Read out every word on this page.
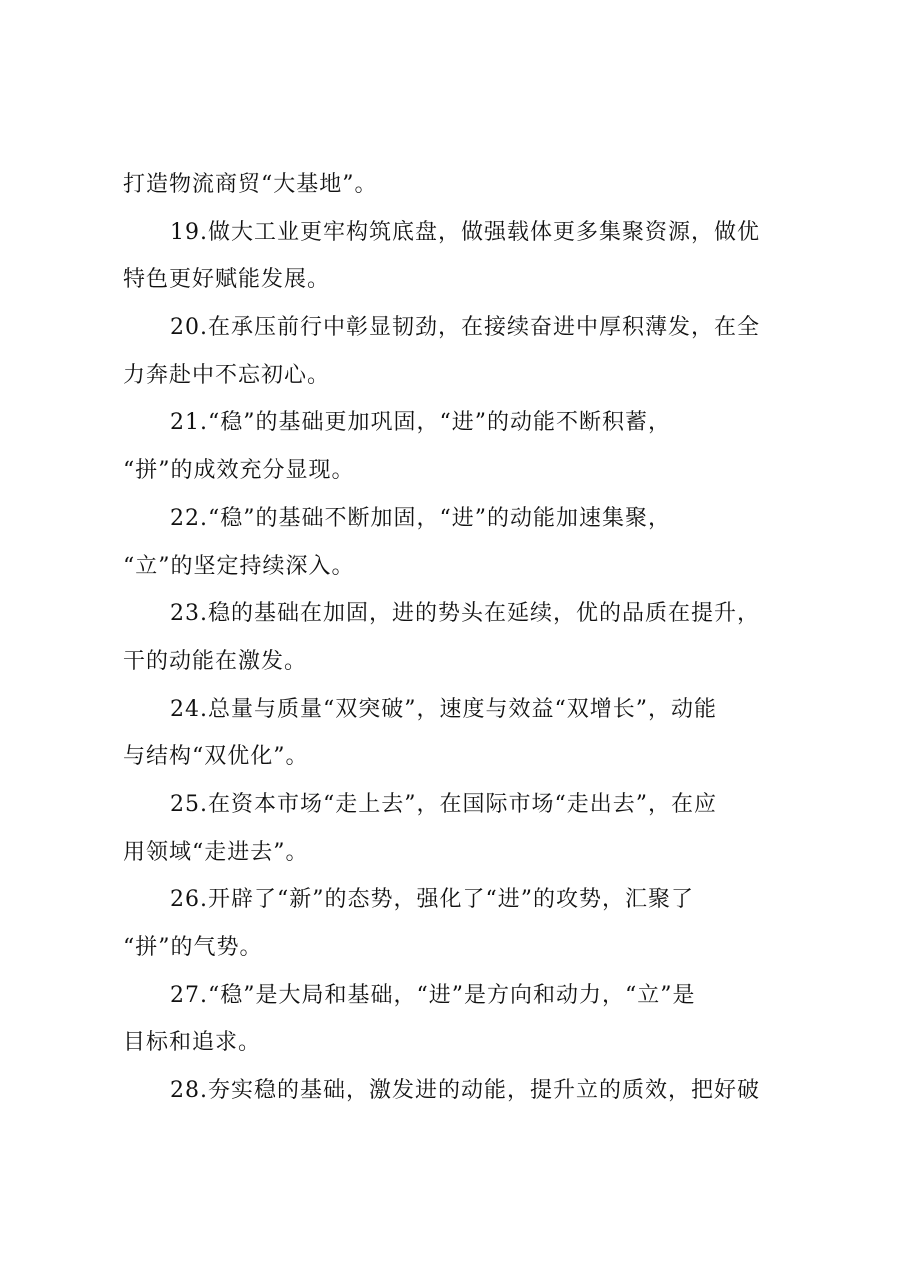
打造物流商贸“大基地”。
19.做大工业更牢构筑底盘，做强载体更多集聚资源，做优
特色更好赋能发展。
20.在承压前行中彰显韧劲，在接续奋进中厚积薄发，在全
力奔赴中不忘初心。
21.“稳”的基础更加巩固，“进”的动能不断积蓄，
“拼”的成效充分显现。
22.“稳”的基础不断加固，“进”的动能加速集聚，
“立”的坚定持续深入。
23.稳的基础在加固，进的势头在延续，优的品质在提升，
干的动能在激发。
24.总量与质量“双突破”，速度与效益“双增长”，动能
与结构“双优化”。
25.在资本市场“走上去”，在国际市场“走出去”，在应
用领域“走进去”。
26.开辟了“新”的态势，强化了“进”的攻势，汇聚了
“拼”的气势。
27.“稳”是大局和基础，“进”是方向和动力，“立”是
目标和追求。
28.夯实稳的基础，激发进的动能，提升立的质效，把好破
